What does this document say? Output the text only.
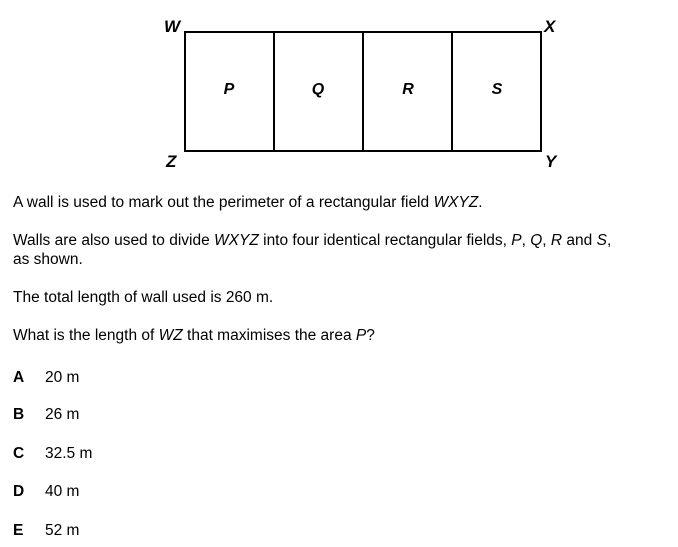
W	X
Z	Y
P	Q	R	S

A wall is used to mark out the perimeter of a rectangular field WXYZ.

Walls are also used to divide WXYZ into four identical rectangular fields, P, Q, R and S,
as shown.

The total length of wall used is 260 m.

What is the length of WZ that maximises the area P?

A 20 m
B 26 m
C 32.5 m
D 40 m
E 52 m
